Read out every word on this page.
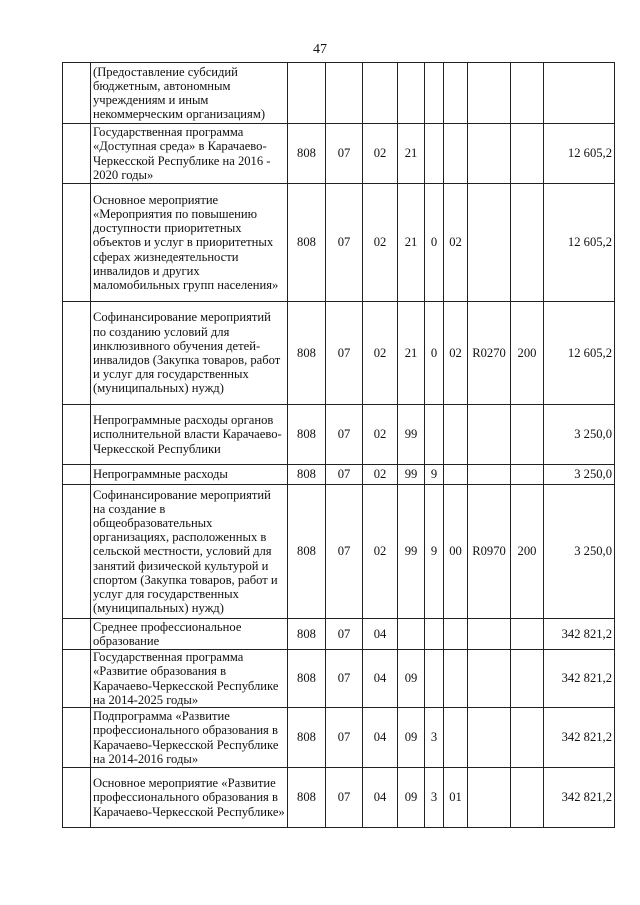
47
	(Предоставление субсидий бюджетным, автономным учреждениям и иным некоммерческим организациям)									
	Государственная программа «Доступная среда» в Карачаево-Черкесской Республике на 2016 - 2020 годы»	808	07	02	21					12 605,2
	Основное мероприятие «Мероприятия по повышению доступности приоритетных объектов и услуг в приоритетных сферах жизнедеятельности инвалидов и других маломобильных групп населения»	808	07	02	21	0	02			12 605,2
	Софинансирование мероприятий по созданию условий для инклюзивного обучения детей-инвалидов (Закупка товаров, работ и услуг для государственных (муниципальных) нужд)	808	07	02	21	0	02	R0270	200	12 605,2
	Непрограммные расходы органов исполнительной власти Карачаево-Черкесской Республики	808	07	02	99					3 250,0
	Непрограммные расходы	808	07	02	99	9				3 250,0
	Софинансирование мероприятий на создание в общеобразовательных организациях, расположенных в сельской местности, условий для занятий физической культурой и спортом (Закупка товаров, работ и услуг для государственных (муниципальных) нужд)	808	07	02	99	9	00	R0970	200	3 250,0
	Среднее профессиональное образование	808	07	04						342 821,2
	Государственная программа «Развитие образования в Карачаево-Черкесской Республике на 2014-2025 годы»	808	07	04	09					342 821,2
	Подпрограмма «Развитие профессионального образования в Карачаево-Черкесской Республике на 2014-2016 годы»	808	07	04	09	3				342 821,2
	Основное мероприятие «Развитие профессионального образования в Карачаево-Черкесской Республике»	808	07	04	09	3	01			342 821,2
